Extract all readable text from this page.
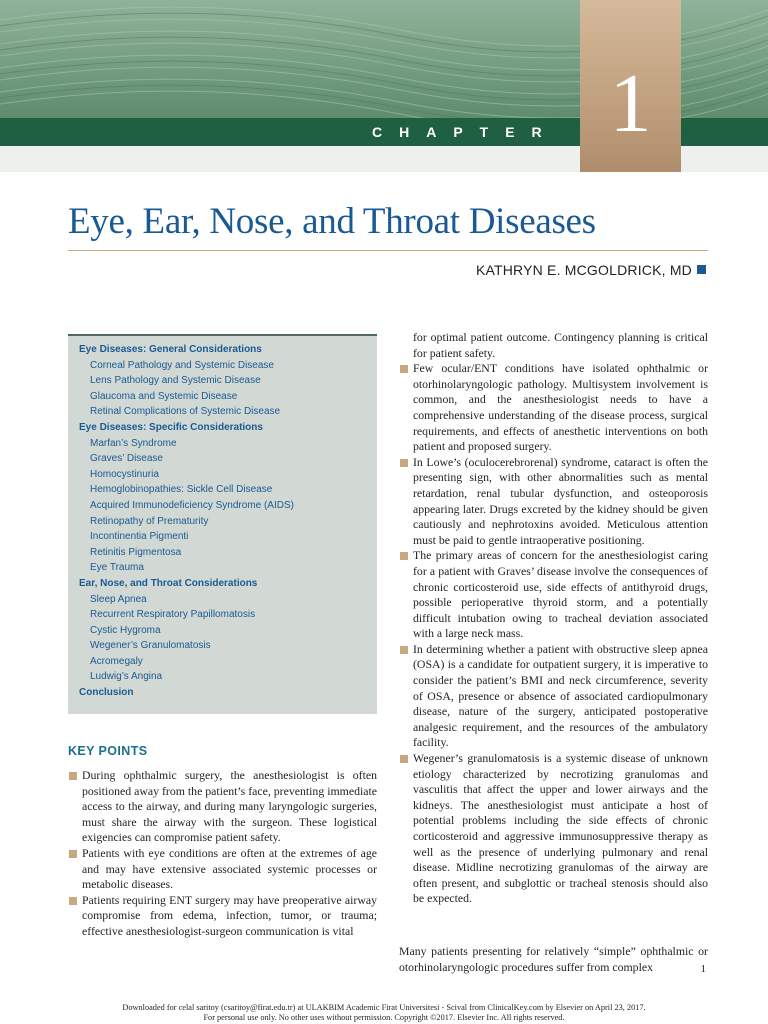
CHAPTER 1
Eye, Ear, Nose, and Throat Diseases
KATHRYN E. MCGOLDRICK, MD
Eye Diseases: General Considerations
Corneal Pathology and Systemic Disease
Lens Pathology and Systemic Disease
Glaucoma and Systemic Disease
Retinal Complications of Systemic Disease
Eye Diseases: Specific Considerations
Marfan’s Syndrome
Graves’ Disease
Homocystinuria
Hemoglobinopathies: Sickle Cell Disease
Acquired Immunodeficiency Syndrome (AIDS)
Retinopathy of Prematurity
Incontinentia Pigmenti
Retinitis Pigmentosa
Eye Trauma
Ear, Nose, and Throat Considerations
Sleep Apnea
Recurrent Respiratory Papillomatosis
Cystic Hygroma
Wegener’s Granulomatosis
Acromegaly
Ludwig’s Angina
Conclusion
KEY POINTS

During ophthalmic surgery, the anesthesiologist is often positioned away from the patient’s face, preventing immediate access to the airway, and during many laryngologic surgeries, must share the airway with the surgeon. These logistical exigencies can compromise patient safety.

Patients with eye conditions are often at the extremes of age and may have extensive associated systemic processes or metabolic diseases.

Patients requiring ENT surgery may have preoperative airway compromise from edema, infection, tumor, or trauma; effective anesthesiologist-surgeon communication is vital

for optimal patient outcome. Contingency planning is critical for patient safety.

Few ocular/ENT conditions have isolated ophthalmic or otorhinolaryngologic pathology. Multisystem involvement is common, and the anesthesiologist needs to have a comprehensive understanding of the disease process, surgical requirements, and effects of anesthetic interventions on both patient and proposed surgery.

In Lowe’s (oculocerebrorenal) syndrome, cataract is often the presenting sign, with other abnormalities such as mental retardation, renal tubular dysfunction, and osteoporosis appearing later. Drugs excreted by the kidney should be given cautiously and nephrotoxins avoided. Meticulous attention must be paid to gentle intraoperative positioning.

The primary areas of concern for the anesthesiologist caring for a patient with Graves’ disease involve the consequences of chronic corticosteroid use, side effects of antithyroid drugs, possible perioperative thyroid storm, and a potentially difficult intubation owing to tracheal deviation associated with a large neck mass.

In determining whether a patient with obstructive sleep apnea (OSA) is a candidate for outpatient surgery, it is imperative to consider the patient’s BMI and neck circumference, severity of OSA, presence or absence of associated cardiopulmonary disease, nature of the surgery, anticipated postoperative analgesic requirement, and the resources of the ambulatory facility.

Wegener’s granulomatosis is a systemic disease of unknown etiology characterized by necrotizing granulomas and vasculitis that affect the upper and lower airways and the kidneys. The anesthesiologist must anticipate a host of potential problems including the side effects of chronic corticosteroid and aggressive immunosuppressive therapy as well as the presence of underlying pulmonary and renal disease. Midline necrotizing granulomas of the airway are often present, and subglottic or tracheal stenosis should also be expected.

Many patients presenting for relatively “simple” ophthalmic or otorhinolaryngologic procedures suffer from complex	1
Downloaded for celal saritoy (csaritoy@firat.edu.tr) at ULAKBIM Academic Firat Universitesi - Scival from ClinicalKey.com by Elsevier on April 23, 2017.
For personal use only. No other uses without permission. Copyright ©2017. Elsevier Inc. All rights reserved.
